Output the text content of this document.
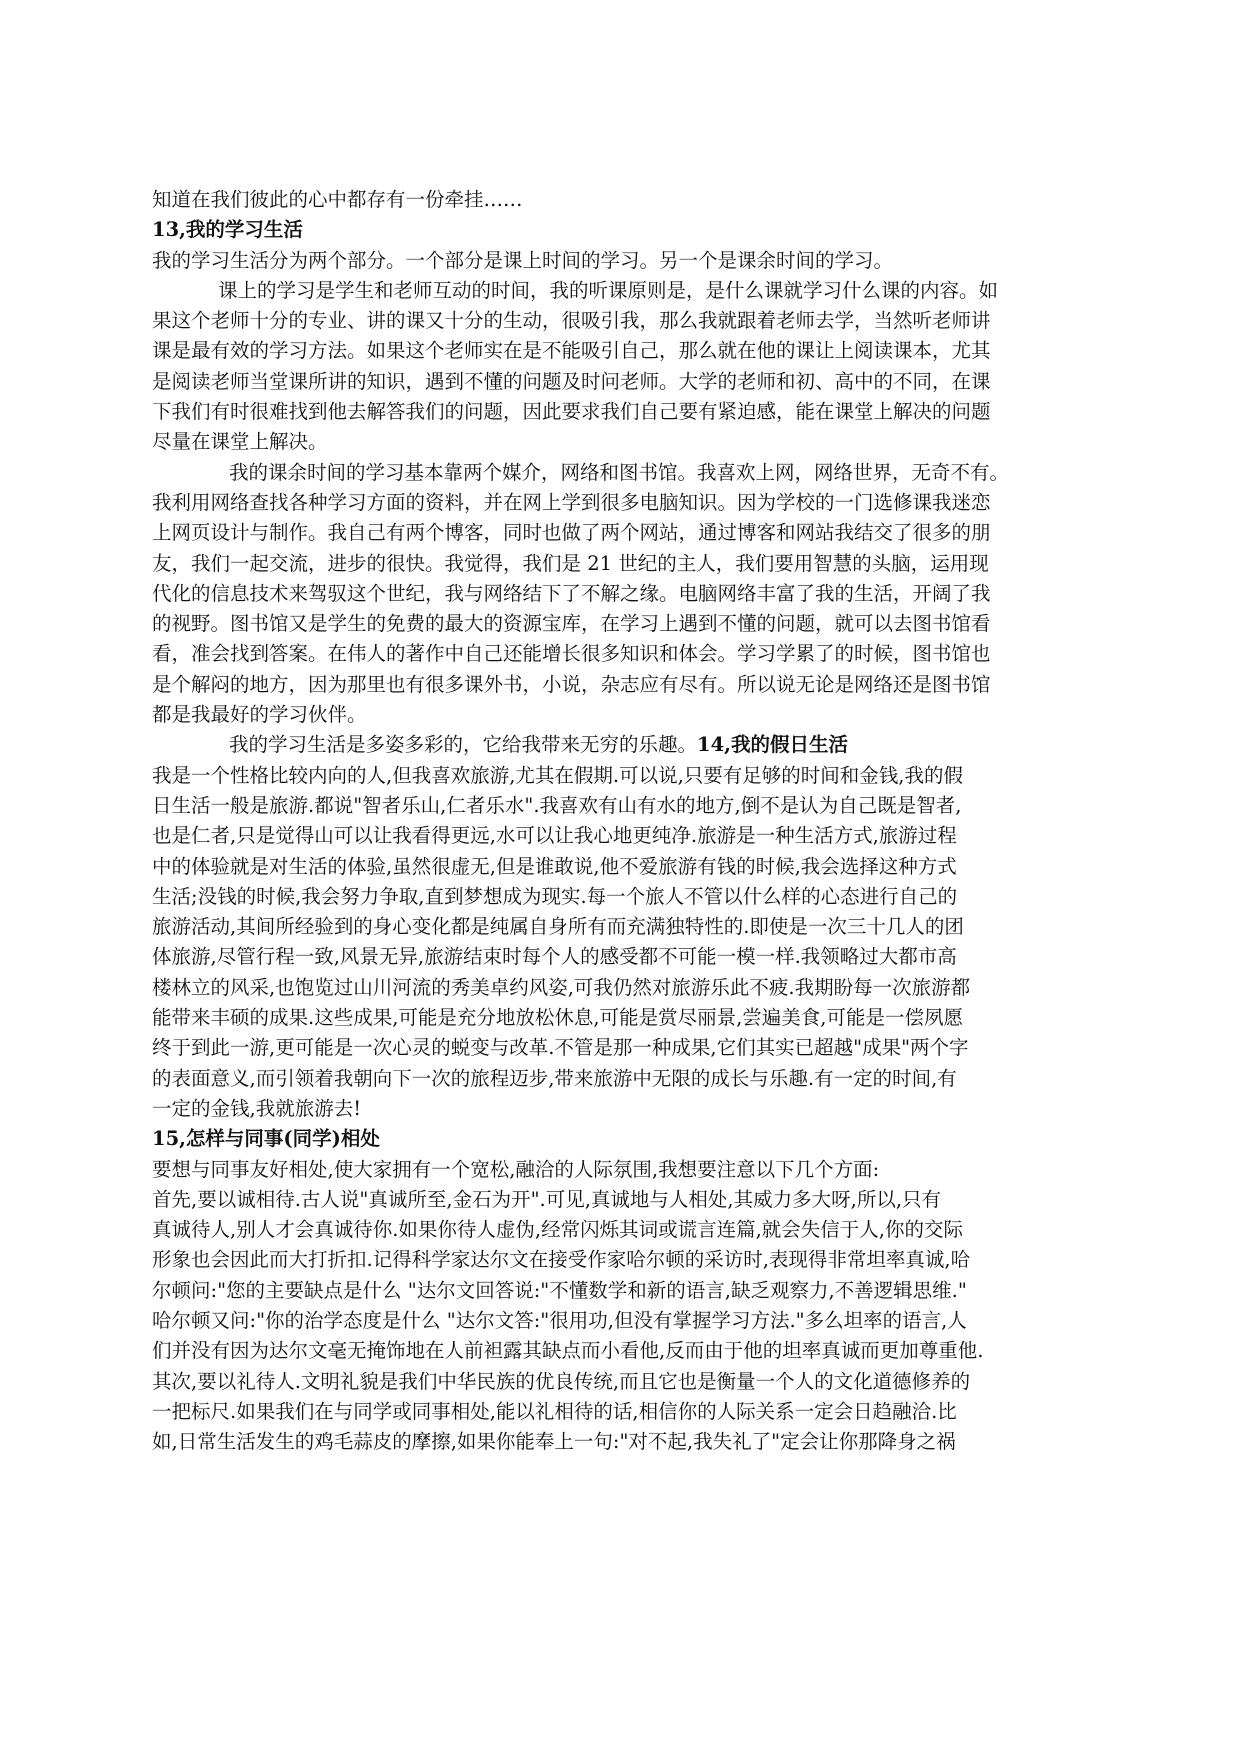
知道在我们彼此的心中都存有一份牵挂……
13,我的学习生活
我的学习生活分为两个部分。一个部分是课上时间的学习。另一个是课余时间的学习。
课上的学习是学生和老师互动的时间，我的听课原则是，是什么课就学习什么课的内容。如
果这个老师十分的专业、讲的课又十分的生动，很吸引我，那么我就跟着老师去学，当然听老师讲
课是最有效的学习方法。如果这个老师实在是不能吸引自己，那么就在他的课让上阅读课本，尤其
是阅读老师当堂课所讲的知识，遇到不懂的问题及时问老师。大学的老师和初、高中的不同，在课
下我们有时很难找到他去解答我们的问题，因此要求我们自己要有紧迫感，能在课堂上解决的问题
尽量在课堂上解决。
我的课余时间的学习基本靠两个媒介，网络和图书馆。我喜欢上网，网络世界，无奇不有。
我利用网络查找各种学习方面的资料，并在网上学到很多电脑知识。因为学校的一门选修课我迷恋
上网页设计与制作。我自己有两个博客，同时也做了两个网站，通过博客和网站我结交了很多的朋
友，我们一起交流，进步的很快。我觉得，我们是 21 世纪的主人，我们要用智慧的头脑，运用现
代化的信息技术来驾驭这个世纪，我与网络结下了不解之缘。电脑网络丰富了我的生活，开阔了我
的视野。图书馆又是学生的免费的最大的资源宝库，在学习上遇到不懂的问题，就可以去图书馆看
看，准会找到答案。在伟人的著作中自己还能增长很多知识和体会。学习学累了的时候，图书馆也
是个解闷的地方，因为那里也有很多课外书，小说，杂志应有尽有。所以说无论是网络还是图书馆
都是我最好的学习伙伴。
我的学习生活是多姿多彩的，它给我带来无穷的乐趣。14,我的假日生活
我是一个性格比较内向的人,但我喜欢旅游,尤其在假期.可以说,只要有足够的时间和金钱,我的假
日生活一般是旅游.都说"智者乐山,仁者乐水".我喜欢有山有水的地方,倒不是认为自己既是智者,
也是仁者,只是觉得山可以让我看得更远,水可以让我心地更纯净.旅游是一种生活方式,旅游过程
中的体验就是对生活的体验,虽然很虚无,但是谁敢说,他不爱旅游有钱的时候,我会选择这种方式
生活;没钱的时候,我会努力争取,直到梦想成为现实.每一个旅人不管以什么样的心态进行自己的
旅游活动,其间所经验到的身心变化都是纯属自身所有而充满独特性的.即使是一次三十几人的团
体旅游,尽管行程一致,风景无异,旅游结束时每个人的感受都不可能一模一样.我领略过大都市高
楼林立的风采,也饱览过山川河流的秀美卓约风姿,可我仍然对旅游乐此不疲.我期盼每一次旅游都
能带来丰硕的成果.这些成果,可能是充分地放松休息,可能是赏尽丽景,尝遍美食,可能是一偿夙愿
终于到此一游,更可能是一次心灵的蜕变与改革.不管是那一种成果,它们其实已超越"成果"两个字
的表面意义,而引领着我朝向下一次的旅程迈步,带来旅游中无限的成长与乐趣.有一定的时间,有
一定的金钱,我就旅游去!
15,怎样与同事(同学)相处
要想与同事友好相处,使大家拥有一个宽松,融洽的人际氛围,我想要注意以下几个方面:
首先,要以诚相待.古人说"真诚所至,金石为开".可见,真诚地与人相处,其威力多大呀,所以,只有
真诚待人,别人才会真诚待你.如果你待人虚伪,经常闪烁其词或谎言连篇,就会失信于人,你的交际
形象也会因此而大打折扣.记得科学家达尔文在接受作家哈尔顿的采访时,表现得非常坦率真诚,哈
尔顿问:"您的主要缺点是什么 "达尔文回答说:"不懂数学和新的语言,缺乏观察力,不善逻辑思维."
哈尔顿又问:"你的治学态度是什么 "达尔文答:"很用功,但没有掌握学习方法."多么坦率的语言,人
们并没有因为达尔文毫无掩饰地在人前袒露其缺点而小看他,反而由于他的坦率真诚而更加尊重他.
其次,要以礼待人.文明礼貌是我们中华民族的优良传统,而且它也是衡量一个人的文化道德修养的
一把标尺.如果我们在与同学或同事相处,能以礼相待的话,相信你的人际关系一定会日趋融洽.比
如,日常生活发生的鸡毛蒜皮的摩擦,如果你能奉上一句:"对不起,我失礼了"定会让你那降身之祸
